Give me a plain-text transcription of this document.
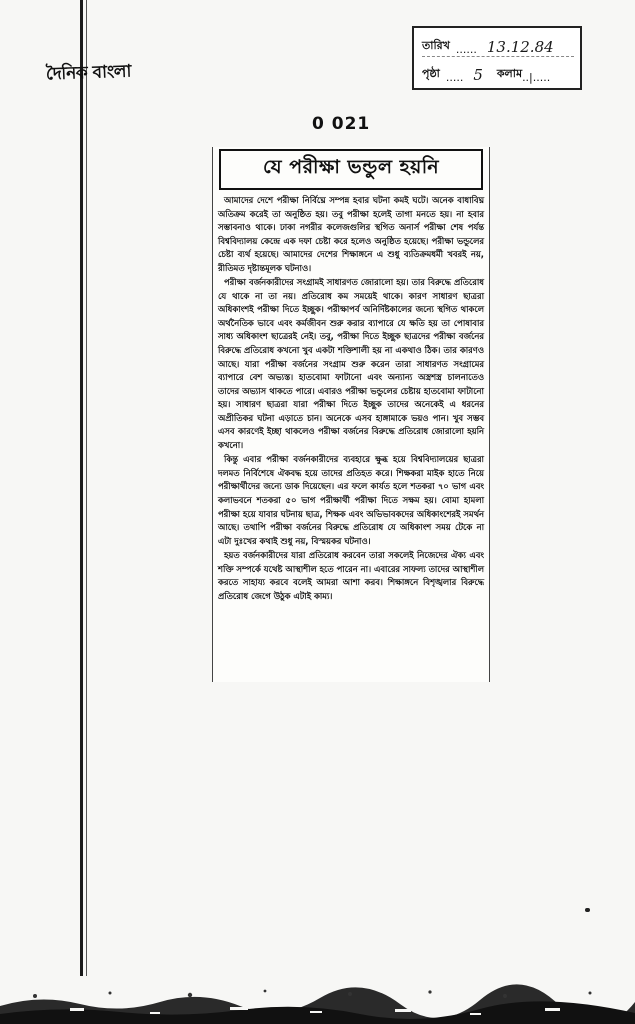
দৈনিক বাংলা
তারিখ ...... 13.12.84
পৃষ্ঠা ..... 5 কলাম ..|.....
0 021
যে পরীক্ষা ভন্ডুল হয়নি

আমাদের দেশে পরীক্ষা নির্বিঘ্নে সম্পন্ন হবার ঘটনা কমই ঘটে। অনেক বাধাবিঘ্ন অতিক্রম করেই তা অনুষ্ঠিত হয়। তবু পরীক্ষা হলেই তাগা মনতে হয়। না হবার সম্ভাবনাও থাকে। ঢাকা নগরীর কলেজগুলির স্থগিত অনার্স পরীক্ষা শেষ পর্যন্ত বিশ্ববিদ্যালয় কেন্দ্রে এক দফা চেষ্টা করে হলেও অনুষ্ঠিত হয়েছে। পরীক্ষা ভন্ডুলের চেষ্টা ব্যর্থ হয়েছে। আমাদের দেশের শিক্ষাঙ্গনে এ শুধু ব্যতিক্রমধর্মী খবরই নয়, রীতিমত দৃষ্টান্তমূলক ঘটনাও।

পরীক্ষা বর্জনকারীদের সংগ্রামই সাধারণত জোরালো হয়। তার বিরুদ্ধে প্রতিরোধ যে থাকে না তা নয়। প্রতিরোধ কম সময়েই থাকে। কারণ সাধারণ ছাত্ররা অধিকাংশই পরীক্ষা দিতে ইচ্ছুক। পরীক্ষাপর্ব অনির্দিষ্টকালের জন্যে স্থগিত থাকলে অর্থনৈতিক ভাবে এবং কর্মজীবন শুরু করার ব্যাপারে যে ক্ষতি হয় তা পোষাবার সাধ্য অধিকাংশ ছাত্রেরই নেই। তবু, পরীক্ষা দিতে ইচ্ছুক ছাত্রদের পরীক্ষা বর্জনের বিরুদ্ধে প্রতিরোধ কখনো খুব একটা শক্তিশালী হয় না একথাও ঠিক। তার কারণও আছে। যারা পরীক্ষা বর্জনের সংগ্রাম শুরু করেন তারা সাধারণত সংগ্রামের ব্যাপারে বেশ অভ্যস্ত। হাতবোমা ফাটানো এবং অন্যান্য অস্ত্রশস্ত্র চালনাতেও তাদের অভ্যাস থাকতে পারে। এবারও পরীক্ষা ভন্ডুলের চেষ্টায় হাতবোমা ফাটানো হয়। সাধারণ ছাত্ররা যারা পরীক্ষা দিতে ইচ্ছুক তাদের অনেকেই এ ধরনের অপ্রীতিকর ঘটনা এড়াতে চান। অনেকে এসব হাঙ্গামাকে ভয়ও পান। খুব সম্ভব এসব কারণেই ইচ্ছা থাকলেও পরীক্ষা বর্জনের বিরুদ্ধে প্রতিরোধ জোরালো হয়নি কখনো।

কিন্তু এবার পরীক্ষা বর্জনকারীদের ব্যবহারে ক্ষুব্ধ হয়ে বিশ্ববিদ্যালয়ের ছাত্ররা দলমত নির্বিশেষে ঐকবদ্ধ হয়ে তাদের প্রতিহত করে। শিক্ষকরা মাইক হাতে নিয়ে পরীক্ষার্থীদের জন্যে ডাক দিয়েছেন। এর ফলে কার্যত হলে শতকরা ৭০ ভাগ এবং কলাভবনে শতকরা ৫০ ভাগ পরীক্ষার্থী পরীক্ষা দিতে সক্ষম হয়। বোমা হামলা পরীক্ষা হয়ে যাবার ঘটনায় ছাত্র, শিক্ষক এবং অভিভাবকদের অধিকাংশেরই সমর্থন আছে। তথাপি পরীক্ষা বর্জনের বিরুদ্ধে প্রতিরোধ যে অধিকাংশ সময় টেকে না এটা দুঃখের কথাই শুধু নয়, বিস্ময়কর ঘটনাও।

হয়ত বর্জনকারীদের যারা প্রতিরোধ করবেন তারা সকলেই নিজেদের ঐক্য এবং শক্তি সম্পর্কে যথেষ্ট আস্থাশীল হতে পারেন না। এবারের সাফল্য তাদের আস্থাশীল করতে সাহায্য করবে বলেই আমরা আশা করব। শিক্ষাঙ্গনে বিশৃঙ্খলার বিরুদ্ধে প্রতিরোধ জেগে উঠুক এটাই কাম্য।
